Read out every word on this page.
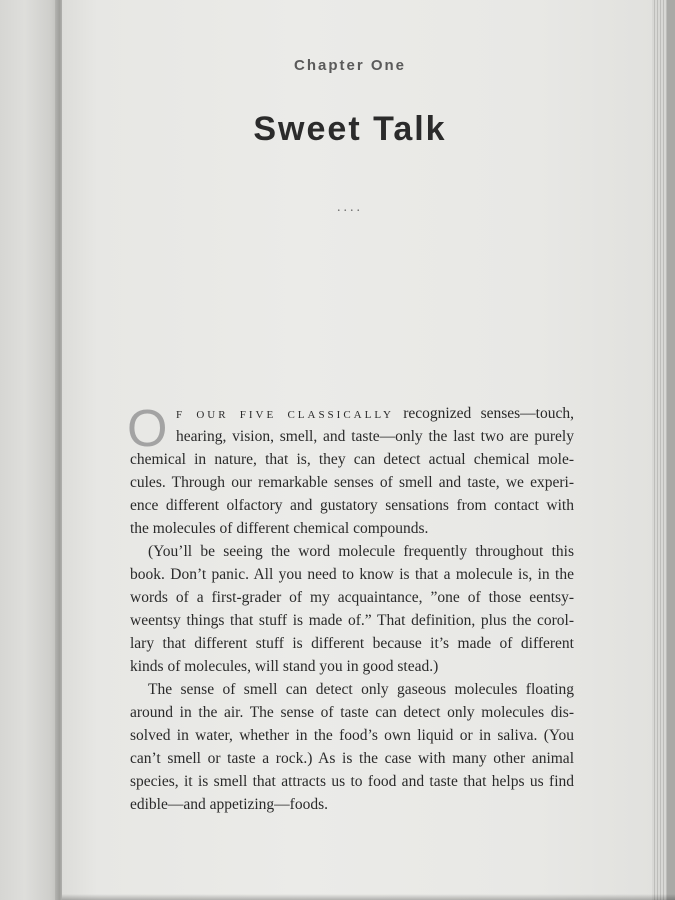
Chapter One
Sweet Talk
....
O F OUR FIVE CLASSICALLY recognized senses—touch,
hearing, vision, smell, and taste—only the last two are purely
chemical in nature, that is, they can detect actual chemical mole-
cules. Through our remarkable senses of smell and taste, we experi-
ence different olfactory and gustatory sensations from contact with
the molecules of different chemical compounds.
(You’ll be seeing the word molecule frequently throughout this
book. Don’t panic. All you need to know is that a molecule is, in the
words of a first-grader of my acquaintance, ”one of those eentsy-
weentsy things that stuff is made of.” That definition, plus the corol-
lary that different stuff is different because it’s made of different
kinds of molecules, will stand you in good stead.)
The sense of smell can detect only gaseous molecules floating
around in the air. The sense of taste can detect only molecules dis-
solved in water, whether in the food’s own liquid or in saliva. (You
can’t smell or taste a rock.) As is the case with many other animal
species, it is smell that attracts us to food and taste that helps us find
edible—and appetizing—foods.
